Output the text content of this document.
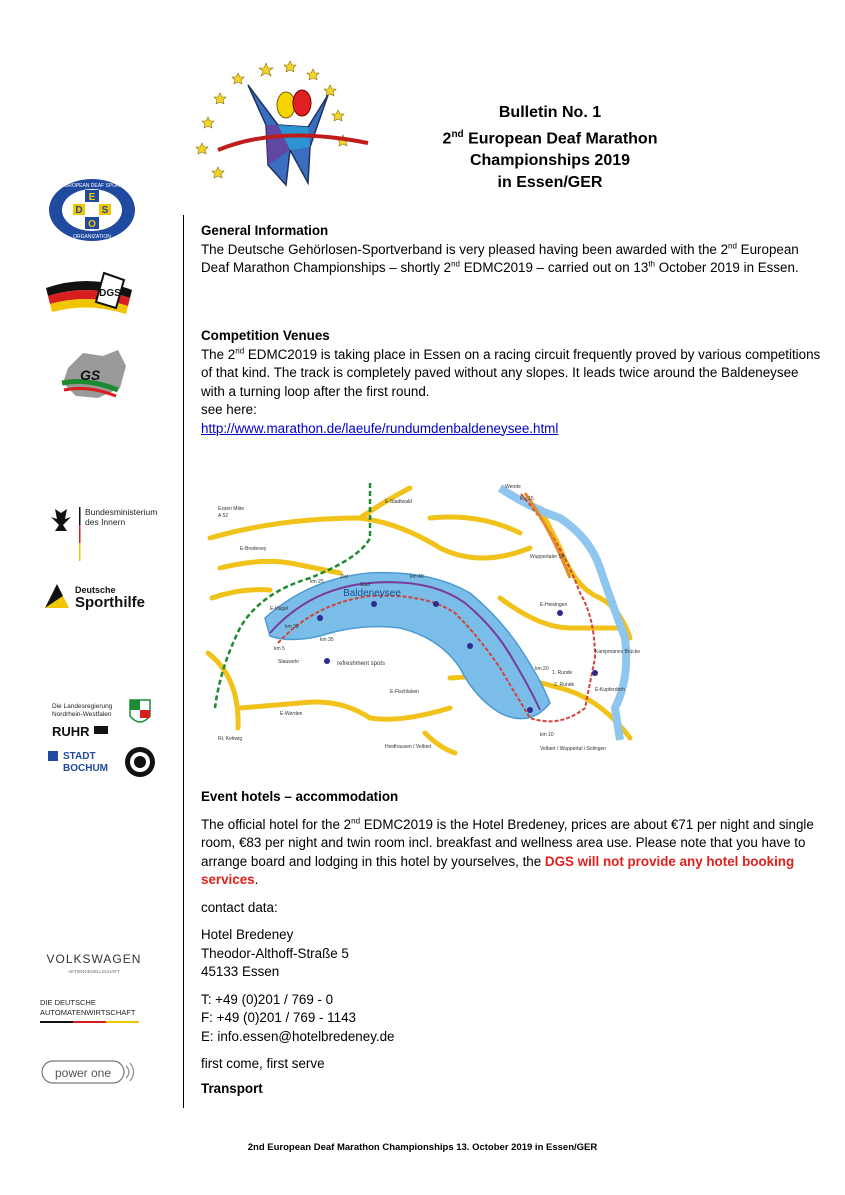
Bulletin No. 1
2nd European Deaf Marathon
Championships 2019
in Essen/GER
E
D S
O
EUROPEAN DEAF SPORT
ORGANIZATION
DGS
GS
Bundesministerium
des Innern
Deutsche
Sporthilfe
Die Landesregierung
Nordrhein-Westfalen
RUHR
STADT
BOCHUM
VOLKSWAGEN
AKTIENGESELLSCHAFT
DIE DEUTSCHE
AUTOMATENWIRTSCHAFT
power one
General Information
The Deutsche Gehörlosen-Sportverband is very pleased having been awarded with the 2nd European Deaf Marathon Championships – shortly 2nd EDMC2019 – carried out on 13th October 2019 in Essen.
Competition Venues
The 2nd EDMC2019 is taking place in Essen on a racing circuit frequently proved by various competitions of that kind. The track is completely paved without any slopes. It leads twice around the Baldeneysee with a turning loop after the first round.
see here:
http://www.marathon.de/laeufe/rundumdenbaldeneysee.html
Baldeneysee
refreshment spots
E-Stadtwald
E-Bredeney
E-Hügel
E-Heisingen
E-Fischlaken
E-Werden
E-Kupferdreh
km 5
km 10
km 15
km 20
km 25
km 30
km 35
km 40
1. Runde
2. Runde
Wende
Essen Mitte
A 52
Wuppertaler Str.
Kampmanns Brücke
Heidhausen / Velbert	Velbert / Wuppertal / Solingen
Rt. Kettwig
Stauwehr
Ziel
Start
Event hotels – accommodation
The official hotel for the 2nd EDMC2019 is the Hotel Bredeney, prices are about €71 per night and single room, €83 per night and twin room incl. breakfast and wellness area use. Please note that you have to arrange board and lodging in this hotel by yourselves, the DGS will not provide any hotel booking services.
contact data:
Hotel Bredeney
Theodor-Althoff-Straße 5
45133 Essen
T: +49 (0)201 / 769 - 0
F: +49 (0)201 / 769 - 1143
E: info.essen@hotelbredeney.de
first come, first serve
Transport
2nd European Deaf Marathon Championships 13. October 2019 in Essen/GER
